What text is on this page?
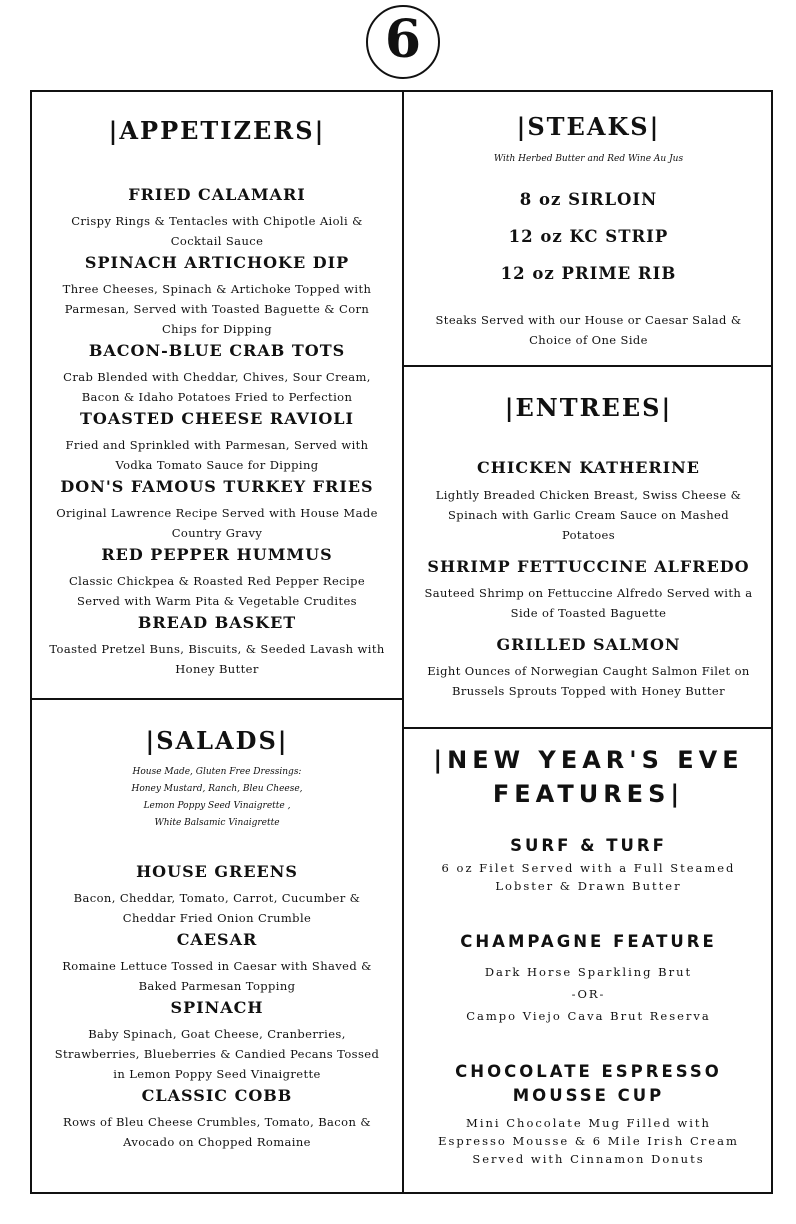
6
|APPETIZERS|
FRIED CALAMARI
Crispy Rings & Tentacles with Chipotle Aioli &
Cocktail Sauce
SPINACH ARTICHOKE DIP
Three Cheeses, Spinach & Artichoke Topped with
Parmesan, Served with Toasted Baguette & Corn
Chips for Dipping
BACON-BLUE CRAB TOTS
Crab Blended with Cheddar, Chives, Sour Cream,
Bacon & Idaho Potatoes Fried to Perfection
TOASTED CHEESE RAVIOLI
Fried and Sprinkled with Parmesan, Served with
Vodka Tomato Sauce for Dipping
DON'S FAMOUS TURKEY FRIES
Original Lawrence Recipe Served with House Made
Country Gravy
RED PEPPER HUMMUS
Classic Chickpea & Roasted Red Pepper Recipe
Served with Warm Pita & Vegetable Crudites
BREAD BASKET
Toasted Pretzel Buns, Biscuits, & Seeded Lavash with
Honey Butter
|STEAKS|
With Herbed Butter and Red Wine Au Jus
8 oz SIRLOIN
12 oz KC STRIP
12 oz PRIME RIB
Steaks Served with our House or Caesar Salad &
Choice of One Side
|ENTREES|
CHICKEN KATHERINE
Lightly Breaded Chicken Breast, Swiss Cheese &
Spinach with Garlic Cream Sauce on Mashed
Potatoes
SHRIMP FETTUCCINE ALFREDO
Sauteed Shrimp on Fettuccine Alfredo Served with a
Side of Toasted Baguette
GRILLED SALMON
Eight Ounces of Norwegian Caught Salmon Filet on
Brussels Sprouts Topped with Honey Butter
|SALADS|
House Made, Gluten Free Dressings:
Honey Mustard, Ranch, Bleu Cheese,
Lemon Poppy Seed Vinaigrette ,
White Balsamic Vinaigrette
HOUSE GREENS
Bacon, Cheddar, Tomato, Carrot, Cucumber &
Cheddar Fried Onion Crumble
CAESAR
Romaine Lettuce Tossed in Caesar with Shaved &
Baked Parmesan Topping
SPINACH
Baby Spinach, Goat Cheese, Cranberries,
Strawberries, Blueberries & Candied Pecans Tossed
in Lemon Poppy Seed Vinaigrette
CLASSIC COBB
Rows of Bleu Cheese Crumbles, Tomato, Bacon &
Avocado on Chopped Romaine
|NEW YEAR'S EVE
FEATURES|
SURF & TURF
6 oz Filet Served with a Full Steamed
Lobster & Drawn Butter
CHAMPAGNE FEATURE
Dark Horse Sparkling Brut
-OR-
Campo Viejo Cava Brut Reserva
CHOCOLATE ESPRESSO
MOUSSE CUP
Mini Chocolate Mug Filled with
Espresso Mousse & 6 Mile Irish Cream
Served with Cinnamon Donuts
